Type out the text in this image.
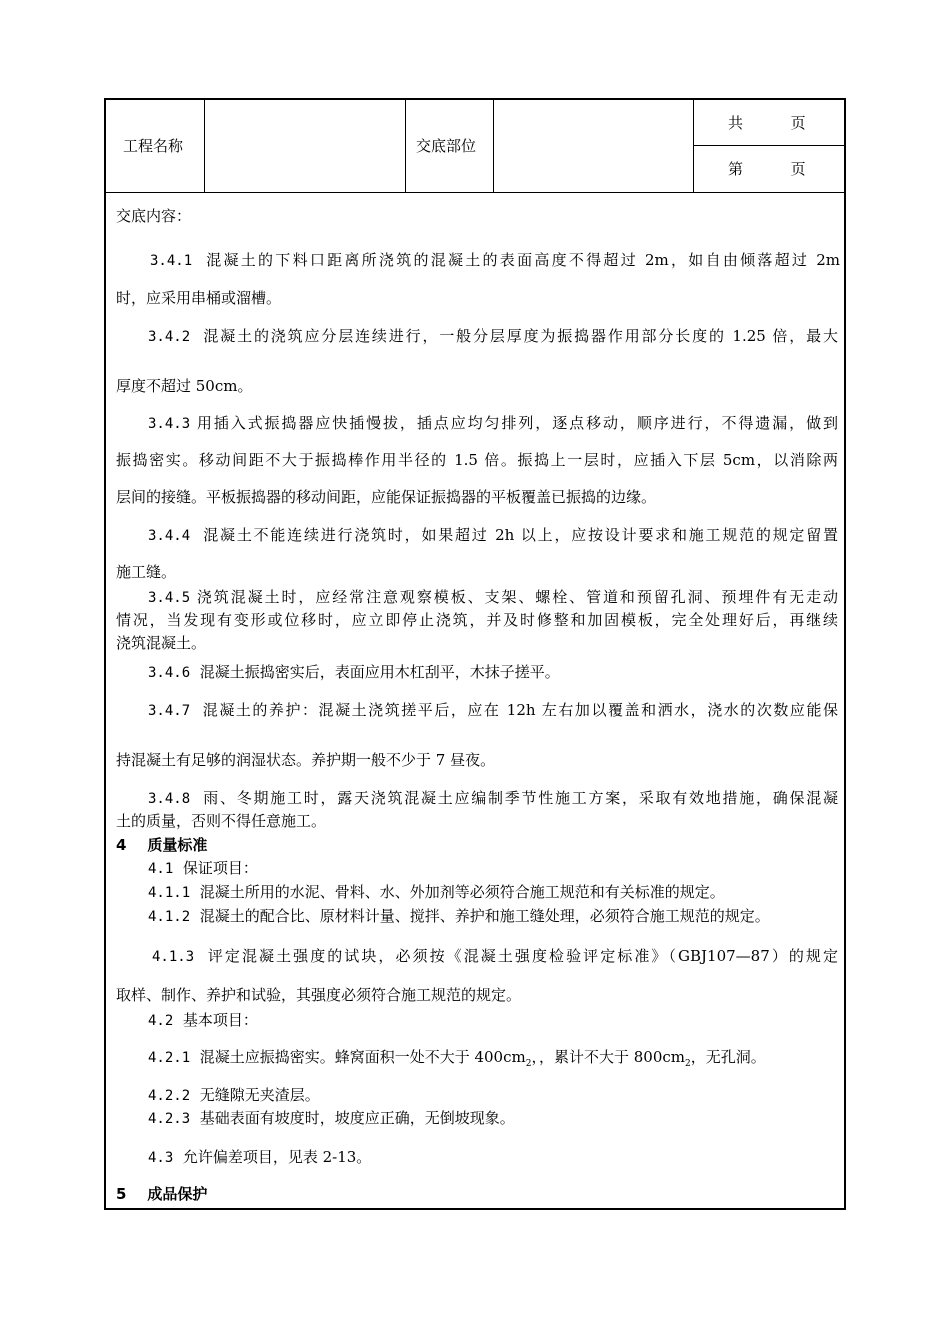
工程名称	交底部位
共          页
第          页
交底内容：
3.4.1 混凝土的下料口距离所浇筑的混凝土的表面高度不得超过 2m，如自由倾落超过 2m
时，应采用串桶或溜槽。
3.4.2 混凝土的浇筑应分层连续进行，一般分层厚度为振捣器作用部分长度的 1.25 倍，最大
厚度不超过 50cm。
3.4.3 用插入式振捣器应快插慢拔，插点应均匀排列，逐点移动，顺序进行，不得遗漏，做到
振捣密实。移动间距不大于振捣棒作用半径的 1.5 倍。振捣上一层时，应插入下层 5cm，以消除两
层间的接缝。平板振捣器的移动间距，应能保证振捣器的平板覆盖已振捣的边缘。
3.4.4 混凝土不能连续进行浇筑时，如果超过 2h 以上，应按设计要求和施工规范的规定留置
施工缝。
3.4.5 浇筑混凝土时，应经常注意观察模板、支架、螺栓、管道和预留孔洞、预埋件有无走动
情况，当发现有变形或位移时，应立即停止浇筑，并及时修整和加固模板，完全处理好后，再继续
浇筑混凝土。
3.4.6 混凝土振捣密实后，表面应用木杠刮平，木抹子搓平。
3.4.7 混凝土的养护：混凝土浇筑搓平后，应在 12h 左右加以覆盖和洒水，浇水的次数应能保
持混凝土有足够的润湿状态。养护期一般不少于 7 昼夜。
3.4.8 雨、冬期施工时，露天浇筑混凝土应编制季节性施工方案，采取有效地措施，确保混凝
土的质量，否则不得任意施工。
4 质量标准
4.1 保证项目：
4.1.1 混凝土所用的水泥、骨料、水、外加剂等必须符合施工规范和有关标准的规定。
4.1.2 混凝土的配合比、原材料计量、搅拌、养护和施工缝处理，必须符合施工规范的规定。
4.1.3 评定混凝土强度的试块，必须按《混凝土强度检验评定标准》（GBJ107—87）的规定
取样、制作、养护和试验，其强度必须符合施工规范的规定。
4.2 基本项目：
4.2.1 混凝土应振捣密实。蜂窝面积一处不大于 $400cm_2$，，累计不大于 $800cm_2$，无孔洞。
4.2.2 无缝隙无夹渣层。
4.2.3 基础表面有坡度时，坡度应正确，无倒坡现象。
4.3 允许偏差项目，见表 2-13。
5 成品保护
